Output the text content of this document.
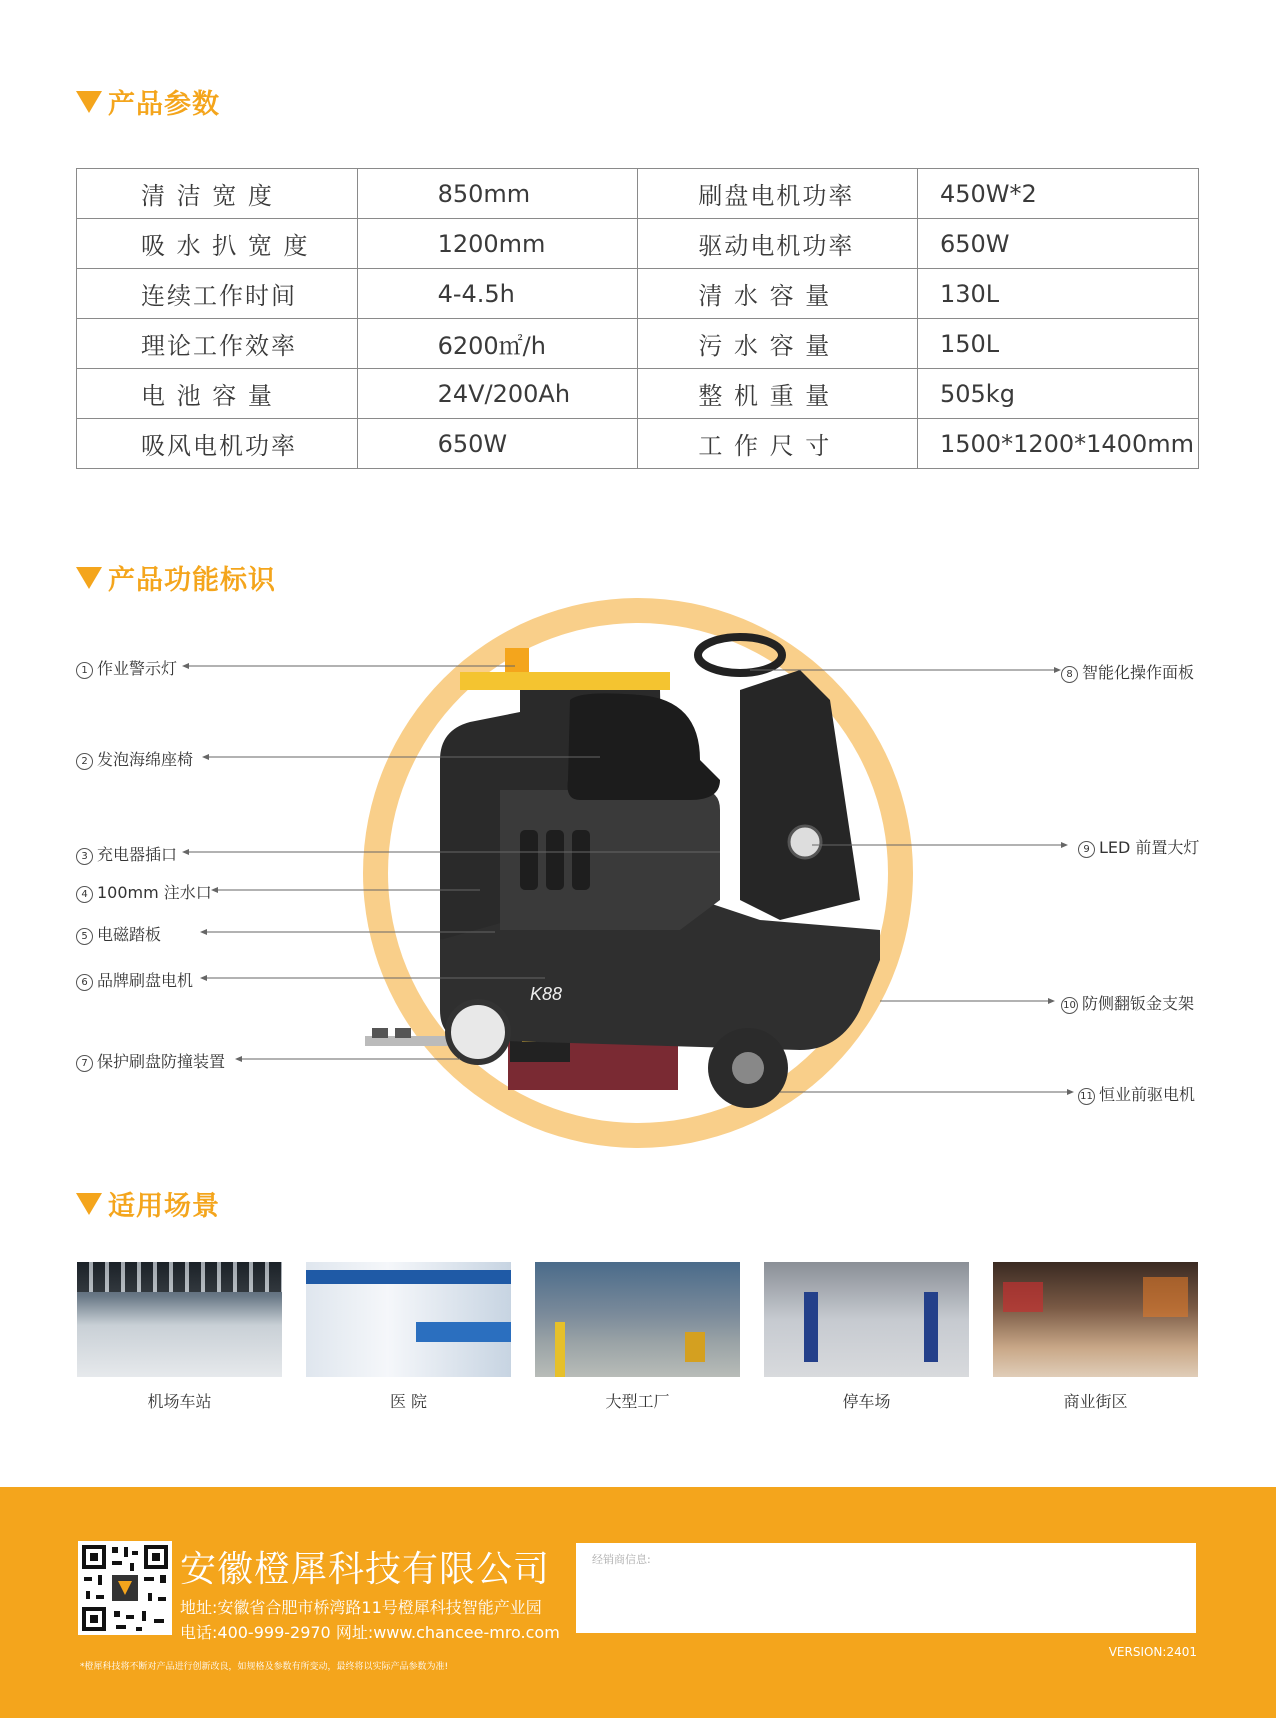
产品参数
清 洁 宽 度	850mm	刷盘电机功率	450W*2
吸 水 扒 宽 度	1200mm	驱动电机功率	650W
连续工作时间	4-4.5h	清 水 容 量	130L
理论工作效率	6200㎡/h	污 水 容 量	150L
电 池 容 量	24V/200Ah	整 机 重 量	505kg
吸风电机功率	650W	工 作 尺 寸	1500*1200*1400mm
产品功能标识
K88
1 作业警示灯
2 发泡海绵座椅
3 充电器插口
4 100mm 注水口
5 电磁踏板
6 品牌刷盘电机
7 保护刷盘防撞装置
8 智能化操作面板
9 LED 前置大灯
10 防侧翻钣金支架
11 恒业前驱电机
适用场景
机场车站	医 院	大型工厂	停车场	商业街区
安徽橙犀科技有限公司
地址:安徽省合肥市桥湾路11号橙犀科技智能产业园
电话:400-999-2970 网址:www.chancee-mro.com
经销商信息:
VERSION:2401
*橙犀科技将不断对产品进行创新改良，如规格及参数有所变动，最终将以实际产品参数为准!
